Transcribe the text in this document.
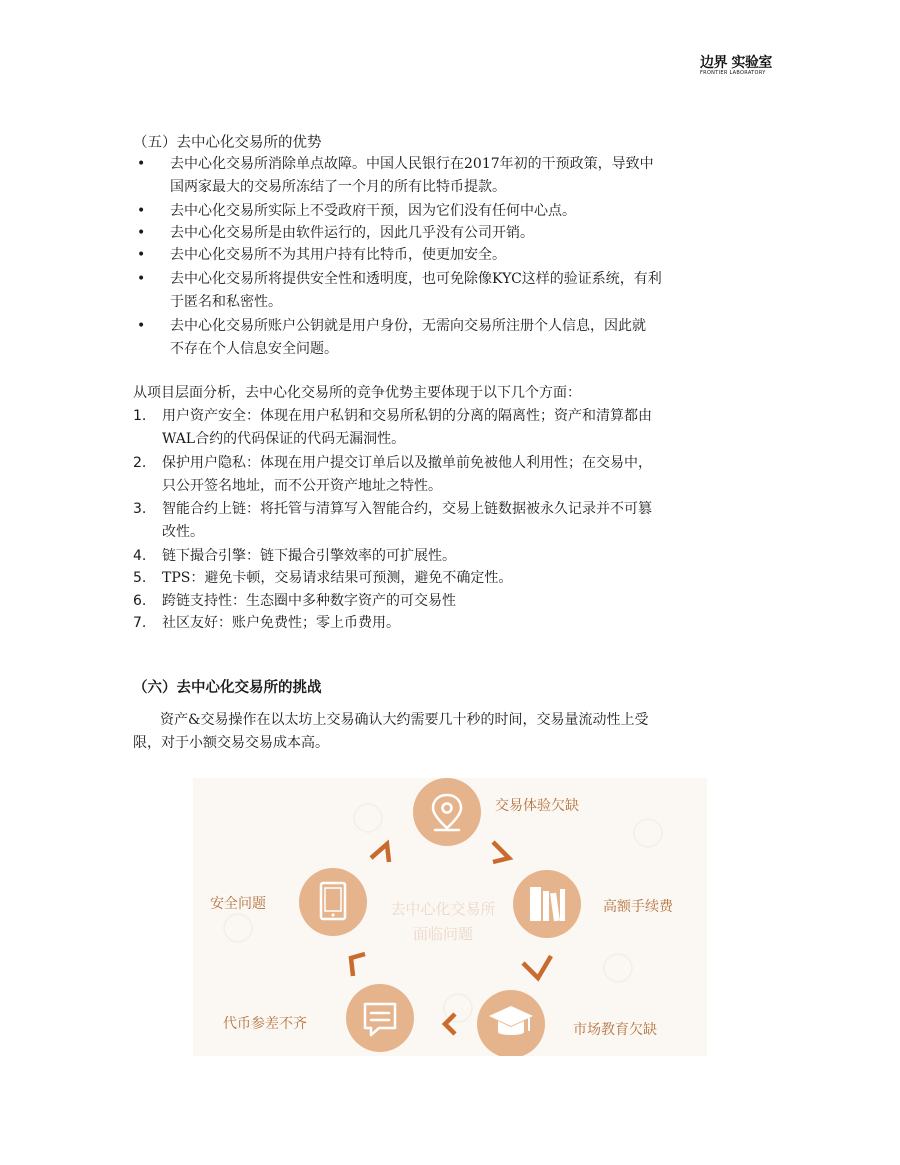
边界 实验室
FRONTIER LABORATORY
（五）去中心化交易所的优势
• 去中心化交易所消除单点故障。中国人民银行在2017年初的干预政策，导致中
国两家最大的交易所冻结了一个月的所有比特币提款。
• 去中心化交易所实际上不受政府干预，因为它们没有任何中心点。
• 去中心化交易所是由软件运行的，因此几乎没有公司开销。
• 去中心化交易所不为其用户持有比特币，使更加安全。
• 去中心化交易所将提供安全性和透明度，也可免除像KYC这样的验证系统，有利
于匿名和私密性。
• 去中心化交易所账户公钥就是用户身份，无需向交易所注册个人信息，因此就
不存在个人信息安全问题。
从项目层面分析，去中心化交易所的竞争优势主要体现于以下几个方面：
1. 用户资产安全：体现在用户私钥和交易所私钥的分离的隔离性；资产和清算都由
WAL合约的代码保证的代码无漏洞性。
2. 保护用户隐私：体现在用户提交订单后以及撤单前免被他人利用性；在交易中，
只公开签名地址，而不公开资产地址之特性。
3. 智能合约上链：将托管与清算写入智能合约，交易上链数据被永久记录并不可篡
改性。
4. 链下撮合引擎：链下撮合引擎效率的可扩展性。
5. TPS：避免卡顿，交易请求结果可预测，避免不确定性。
6. 跨链支持性：生态圈中多种数字资产的可交易性
7. 社区友好：账户免费性；零上币费用。
（六）去中心化交易所的挑战
资产&交易操作在以太坊上交易确认大约需要几十秒的时间，交易量流动性上受
限，对于小额交易交易成本高。
去中心化交易所
面临问题
交易体验欠缺
高额手续费
市场教育欠缺
代币参差不齐
安全问题
